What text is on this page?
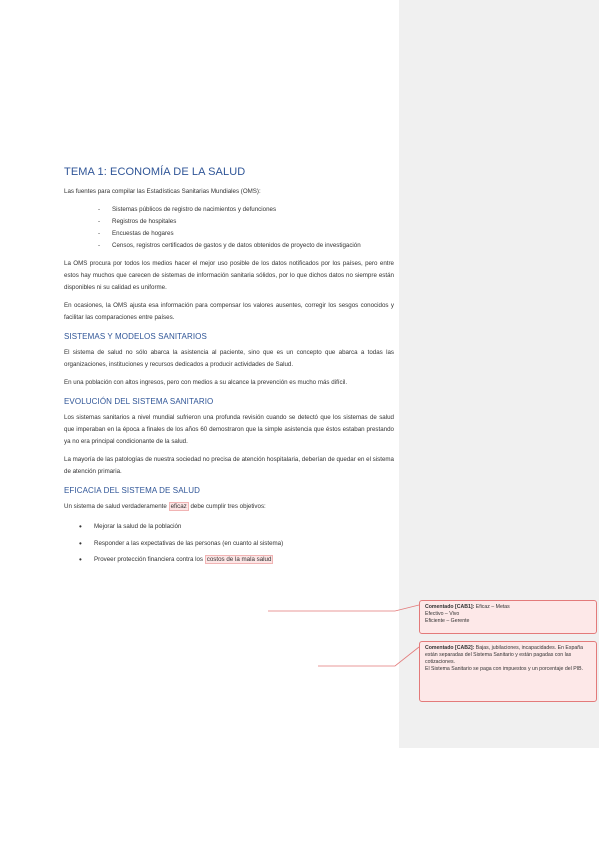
TEMA 1: ECONOMÍA DE LA SALUD

Las fuentes para compilar las Estadísticas Sanitarias Mundiales (OMS):

- Sistemas públicos de registro de nacimientos y defunciones
- Registros de hospitales
- Encuestas de hogares
- Censos, registros certificados de gastos y de datos obtenidos de proyecto de investigación

La OMS procura por todos los medios hacer el mejor uso posible de los datos notificados por los países, pero entre estos hay muchos que carecen de sistemas de información sanitaria sólidos, por lo que dichos datos no siempre están disponibles ni su calidad es uniforme.

En ocasiones, la OMS ajusta esa información para compensar los valores ausentes, corregir los sesgos conocidos y facilitar las comparaciones entre países.

SISTEMAS Y MODELOS SANITARIOS

El sistema de salud no sólo abarca la asistencia al paciente, sino que es un concepto que abarca a todas las organizaciones, instituciones y recursos dedicados a producir actividades de Salud.

En una población con altos ingresos, pero con medios a su alcance la prevención es mucho más difícil.

EVOLUCIÓN DEL SISTEMA SANITARIO

Los sistemas sanitarios a nivel mundial sufrieron una profunda revisión cuando se detectó que los sistemas de salud que imperaban en la época a finales de los años 60 demostraron que la simple asistencia que éstos estaban prestando ya no era principal condicionante de la salud.

La mayoría de las patologías de nuestra sociedad no precisa de atención hospitalaria, deberían de quedar en el sistema de atención primaria.

EFICACIA DEL SISTEMA DE SALUD

Un sistema de salud verdaderamente eficaz debe cumplir tres objetivos:

• Mejorar la salud de la población
• Responder a las expectativas de las personas (en cuanto al sistema)
• Proveer protección financiera contra los costos de la mala salud
Comentado [CAB1]: Eficaz – Metas
Efectivo – Vivo
Eficiente – Gerente
Comentado [CAB2]: Bajas, jubilaciones, incapacidades. En España están separadas del Sistema Sanitario y están pagadas con las cotizaciones.
El Sistema Sanitario se paga con impuestos y un porcentaje del PIB.
